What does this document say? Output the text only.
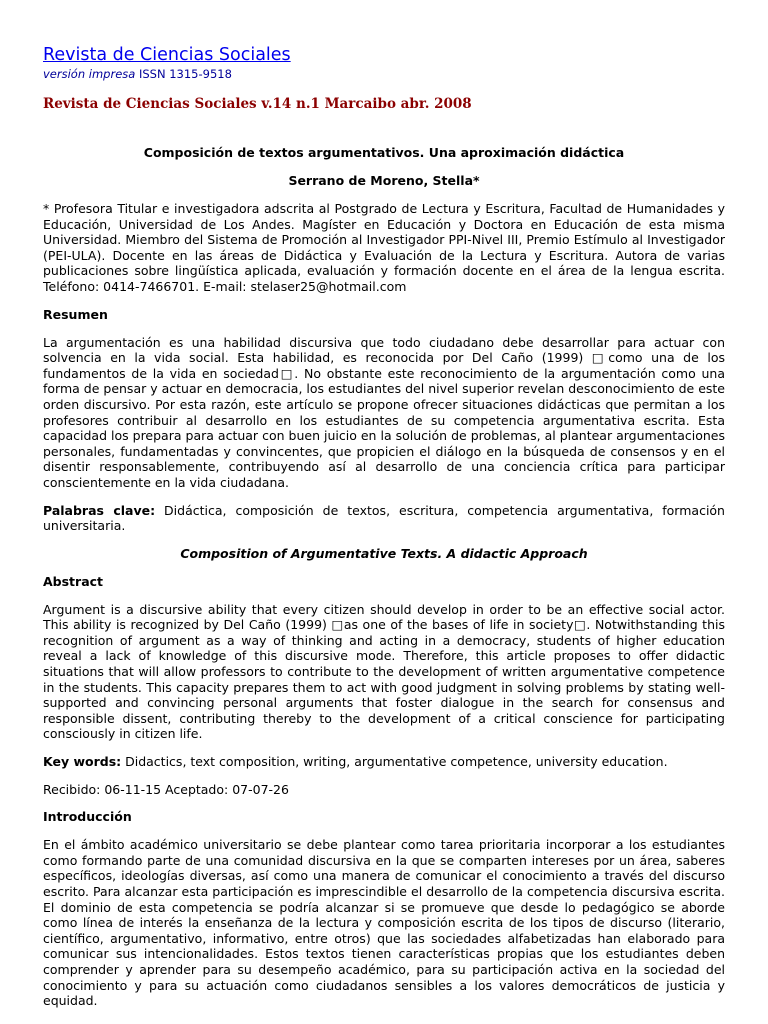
Revista de Ciencias Sociales
versión impresa ISSN 1315-9518
Revista de Ciencias Sociales v.14 n.1 Marcaibo abr. 2008
Composición de textos argumentativos. Una aproximación didáctica
Serrano de Moreno, Stella*

* Profesora Titular e investigadora adscrita al Postgrado de Lectura y Escritura, Facultad de Humanidades y Educación, Universidad de Los Andes. Magíster en Educación y Doctora en Educación de esta misma Universidad. Miembro del Sistema de Promoción al Investigador PPI-Nivel III, Premio Estímulo al Investigador (PEI-ULA). Docente en las áreas de Didáctica y Evaluación de la Lectura y Escritura. Autora de varias publicaciones sobre lingüística aplicada, evaluación y formación docente en el área de la lengua escrita. Teléfono: 0414-7466701. E-mail: stelaser25@hotmail.com

Resumen

La argumentación es una habilidad discursiva que todo ciudadano debe desarrollar para actuar con solvencia en la vida social. Esta habilidad, es reconocida por Del Caño (1999) □como una de los fundamentos de la vida en sociedad□. No obstante este reconocimiento de la argumentación como una forma de pensar y actuar en democracia, los estudiantes del nivel superior revelan desconocimiento de este orden discursivo. Por esta razón, este artículo se propone ofrecer situaciones didácticas que permitan a los profesores contribuir al desarrollo en los estudiantes de su competencia argumentativa escrita. Esta capacidad los prepara para actuar con buen juicio en la solución de problemas, al plantear argumentaciones personales, fundamentadas y convincentes, que propicien el diálogo en la búsqueda de consensos y en el disentir responsablemente, contribuyendo así al desarrollo de una conciencia crítica para participar conscientemente en la vida ciudadana.

Palabras clave: Didáctica, composición de textos, escritura, competencia argumentativa, formación universitaria.

Composition of Argumentative Texts. A didactic Approach
Abstract

Argument is a discursive ability that every citizen should develop in order to be an effective social actor. This ability is recognized by Del Caño (1999) □as one of the bases of life in society□. Notwithstanding this recognition of argument as a way of thinking and acting in a democracy, students of higher education reveal a lack of knowledge of this discursive mode. Therefore, this article proposes to offer didactic situations that will allow professors to contribute to the development of written argumentative competence in the students. This capacity prepares them to act with good judgment in solving problems by stating well-supported and convincing personal arguments that foster dialogue in the search for consensus and responsible dissent, contributing thereby to the development of a critical conscience for participating consciously in citizen life.

Key words: Didactics, text composition, writing, argumentative competence, university education.

Recibido: 06-11-15 Aceptado: 07-07-26

Introducción

En el ámbito académico universitario se debe plantear como tarea prioritaria incorporar a los estudiantes como formando parte de una comunidad discursiva en la que se comparten intereses por un área, saberes específicos, ideologías diversas, así como una manera de comunicar el conocimiento a través del discurso escrito. Para alcanzar esta participación es imprescindible el desarrollo de la competencia discursiva escrita. El dominio de esta competencia se podría alcanzar si se promueve que desde lo pedagógico se aborde como línea de interés la enseñanza de la lectura y composición escrita de los tipos de discurso (literario, científico, argumentativo, informativo, entre otros) que las sociedades alfabetizadas han elaborado para comunicar sus intencionalidades. Estos textos tienen características propias que los estudiantes deben comprender y aprender para su desempeño académico, para su participación activa en la sociedad del conocimiento y para su actuación como ciudadanos sensibles a los valores democráticos de justicia y equidad.
